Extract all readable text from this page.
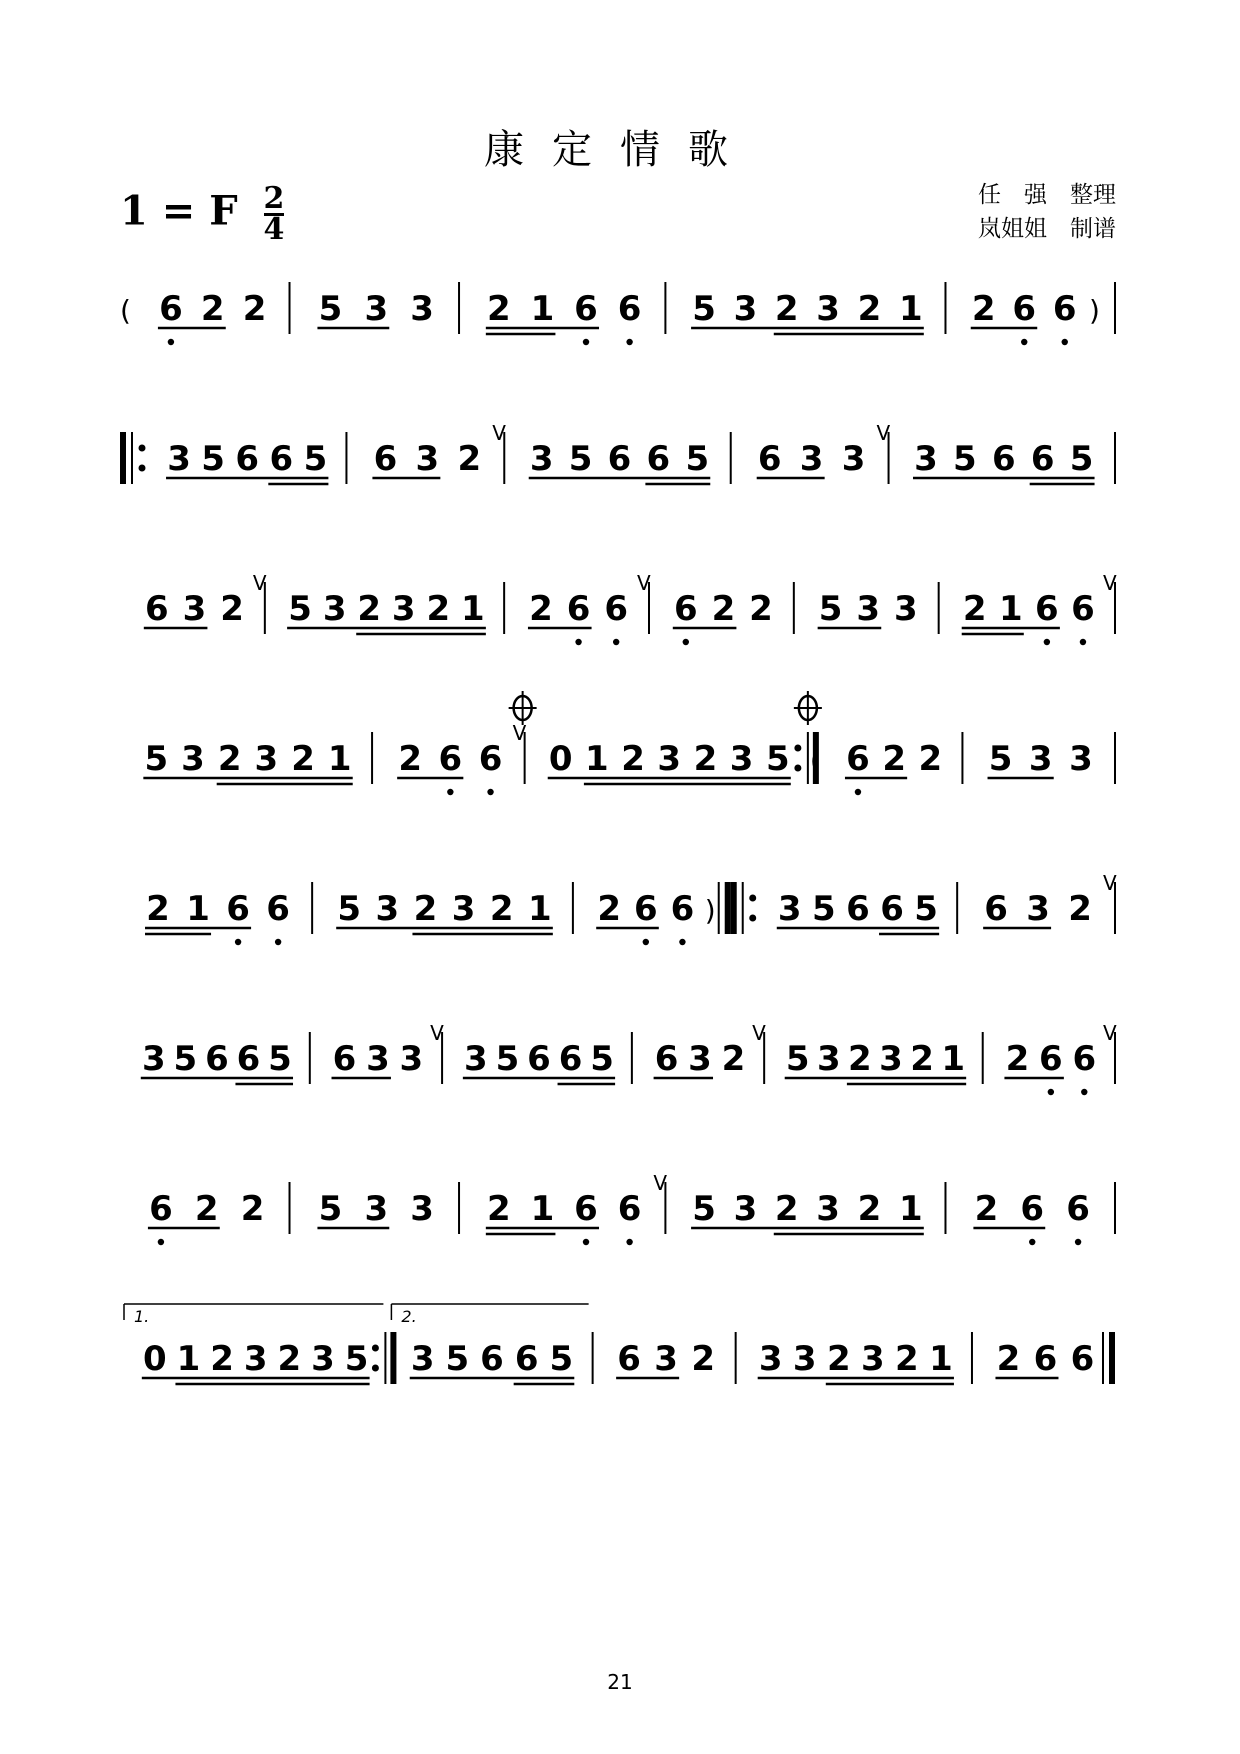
康定情歌
1 = F $\frac{2}{4}$	任　强　整理
岚姐姐　制谱
( 6 2 2 5 3 3 2 1 6 6 5 3 2 3 2 1 2 6 6 )
3 5 6 6 5 6 3 2
V
3 5 6 6 5 6 3 3
V
3 5 6 6 5
6 3 2
V
5 3 2 3 2 1 2 6 6
V
6 2 2 5 3 3 2 1 6 6
V
5 3 2 3 2 1 2 6 6
V
0 1 2 3 2 3 5 ( 6 2 2 5 3 3
2 1 6 6 5 3 2 3 2 1 2 6 6 ) 3 5 6 6 5 6 3 2
V
3 5 6 6 5 6 3 3
V
3 5 6 6 5 6 3 2
V
5 3 2 3 2 1 2 6 6
V
6 2 2 5 3 3 2 1 6 6
V
5 3 2 3 2 1 2 6 6
0 1 2 3 2 3 5
1.
3 5 6 6 5
2.
6 3 2 3 3 2 3 2 1 2 6 6
21
